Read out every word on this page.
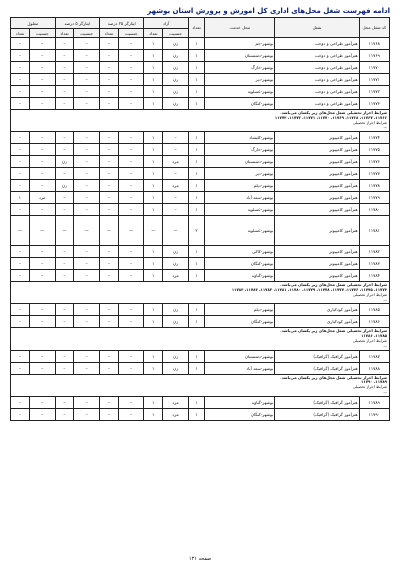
ادامه فهرست شغل محل‌های اداری کل آموزش و پرورش استان بوشهر
کد شغل محل	شغل	محل خدمت	تعداد	آزاد		ایثارگر ۲۵ درصد		ایثارگر ۵ درصد		معلول	
				جنسیت	تعداد	جنسیت	تعداد	جنسیت	تعداد	جنسیت	تعداد
۱۱۷۶۸	هنرآموز طراحی و دوخت	بوشهر-جم	۱	زن	۱	–	–	–	–	–	–
۱۱۷۶۹	هنرآموز طراحی و دوخت	بوشهر-دشتستان	۱	زن	۱	–	–	–	–	–	–
۱۱۷۷۰	هنرآموز طراحی و دوخت	بوشهر-خارگ	۱	زن	۱	–	–	–	–	–	–
۱۱۷۷۱	هنرآموز طراحی و دوخت	بوشهر-دیر	۱	زن	۱	–	–	–	–	–	–
۱۱۷۷۲	هنرآموز طراحی و دوخت	بوشهر-عسلویه	۱	زن	۱	–	–	–	–	–	–
۱۱۷۷۳	هنرآموز طراحی و دوخت	بوشهر-کنگان	۱	زن	۱	–	–	–	–	–	–

شرایط احراز تحصیلی شغل محل‌های زیر یکسان می‌باشد.
۱۱۷۶۶، ۱۱۷۶۷، ۱۱۷۶۸، ۱۱۷۶۹، ۱۱۷۷۰، ۱۱۷۷۱، ۱۱۷۷۲، ۱۱۷۷۳
شرایط احراز تحصیلی
—											

۱۱۷۷۴	هنرآموز کامپیوتر	بوشهر-کلیشاد	۱	–	۱	–	–	–	–	–	–
۱۱۷۷۵	هنرآموز کامپیوتر	بوشهر-خارگ	۱	–	۱	–	–	–	–	–	–
۱۱۷۷۶	هنرآموز کامپیوتر	بوشهر-دشتستان	۱	مرد	۱	–	–	–	زن	–	–
۱۱۷۷۷	هنرآموز کامپیوتر	بوشهر-دیر	۱	–	۱	–	–	–	–	–	–
۱۱۷۷۸	هنرآموز کامپیوتر	بوشهر-دیلم	۱	مرد	۱	–	–	–	زن	–	–
۱۱۷۷۹	هنرآموز کامپیوتر	بوشهر-سعد آباد	۱	–	۱	–	–	–	–	مرد	۱
۱۱۷۸۰	هنرآموز کامپیوتر	بوشهر-عسلویه	۱	–	۱	–	–	–	–	–	–
۱۱۷۸۱	هنرآموز کامپیوتر	بوشهر-عسلویه	۲	—	—	—	—	—	—	—	—
۱۱۷۸۲	هنرآموز کامپیوتر	بوشهر-کاکی	۱	زن	۱	–	–	–	–	–	–
۱۱۷۸۳	هنرآموز کامپیوتر	بوشهر-کنگان	۱	زن	۱	–	–	–	–	–	–
۱۱۷۸۴	هنرآموز کامپیوتر	بوشهر-گناوه	۱	مرد	۱	–	–	–	–	–	–

شرایط احراز تحصیلی شغل محل‌های زیر یکسان می‌باشد.
۱۱۷۷۴، ۱۱۷۷۵، ۱۱۷۷۶، ۱۱۷۷۷، ۱۱۷۷۸، ۱۱۷۷۹، ۱۱۷۸۰، ۱۱۷۸۱، ۱۱۷۸۲، ۱۱۷۸۳، ۱۱۷۸۴
شرایط احراز تحصیلی
—											

۱۱۷۸۵	هنرآموز کودکیاری	بوشهر-دیلم	۱	زن	۱	–	–	–	–	–	–
۱۱۷۸۶	هنرآموز کودکیاری	بوشهر-کنگان	۱	زن	۱	–	–	–	–	–	–

شرایط احراز تحصیلی شغل محل‌های زیر یکسان می‌باشد.
۱۱۷۸۵، ۱۱۷۸۶
شرایط احراز تحصیلی
—											

۱۱۷۸۷	هنرآموز گرافیک (گرافیک)	بوشهر-دشتستان	۱	زن	۱	–	–	–	–	–	–
۱۱۷۸۸	هنرآموز گرافیک (گرافیک)	بوشهر-سعد آباد	۱	زن	۱	–	–	–	–	–	–

شرایط احراز تحصیلی شغل محل‌های زیر یکسان می‌باشد.
۱۱۷۸۹، ۱۱۷۹۰
شرایط احراز تحصیلی
—											

۱۱۷۸۹	هنرآموز گرافیک (گرافیک)	بوشهر-گناوه	۱	مرد	۱	–	–	–	–	–	–
۱۱۷۹۰	هنرآموز گرافیک (گرافیک)	بوشهر-کنگان	۱	مرد	۱	–	–	–	–	–	–
صفحه ۱۳۱
